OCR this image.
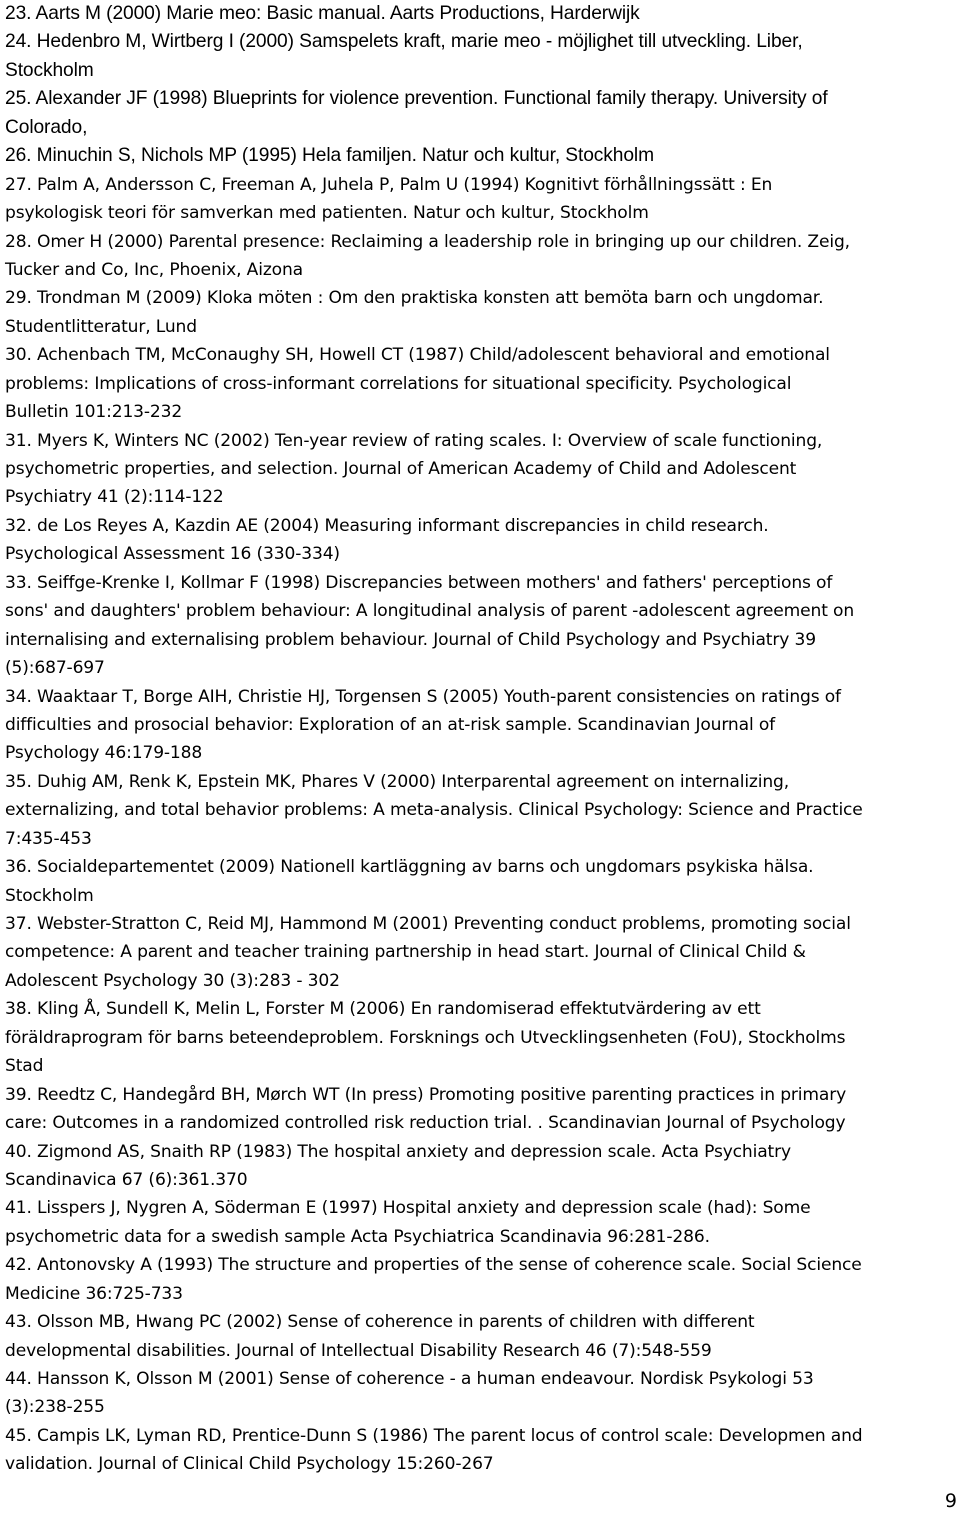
23. Aarts M (2000) Marie meo: Basic manual. Aarts Productions, Harderwijk
24. Hedenbro M, Wirtberg I (2000) Samspelets kraft, marie meo - möjlighet till utveckling. Liber,
Stockholm
25. Alexander JF (1998) Blueprints for violence prevention. Functional family therapy. University of
Colorado,
26. Minuchin S, Nichols MP (1995) Hela familjen. Natur och kultur, Stockholm
27. Palm A, Andersson C, Freeman A, Juhela P, Palm U (1994) Kognitivt förhållningssätt : En
psykologisk teori för samverkan med patienten. Natur och kultur, Stockholm
28. Omer H (2000) Parental presence: Reclaiming a leadership role in bringing up our children. Zeig,
Tucker and Co, Inc, Phoenix, Aizona
29. Trondman M (2009) Kloka möten : Om den praktiska konsten att bemöta barn och ungdomar.
Studentlitteratur, Lund
30. Achenbach TM, McConaughy SH, Howell CT (1987) Child/adolescent behavioral and emotional
problems: Implications of cross-informant correlations for situational specificity. Psychological
Bulletin 101:213-232
31. Myers K, Winters NC (2002) Ten-year review of rating scales. I: Overview of scale functioning,
psychometric properties, and selection. Journal of American Academy of Child and Adolescent
Psychiatry 41 (2):114-122
32. de Los Reyes A, Kazdin AE (2004) Measuring informant discrepancies in child research.
Psychological Assessment 16 (330-334)
33. Seiffge-Krenke I, Kollmar F (1998) Discrepancies between mothers' and fathers' perceptions of
sons' and daughters' problem behaviour: A longitudinal analysis of parent -adolescent agreement on
internalising and externalising problem behaviour. Journal of Child Psychology and Psychiatry 39
(5):687-697
34. Waaktaar T, Borge AIH, Christie HJ, Torgensen S (2005) Youth-parent consistencies on ratings of
difficulties and prosocial behavior: Exploration of an at-risk sample. Scandinavian Journal of
Psychology 46:179-188
35. Duhig AM, Renk K, Epstein MK, Phares V (2000) Interparental agreement on internalizing,
externalizing, and total behavior problems: A meta-analysis. Clinical Psychology: Science and Practice
7:435-453
36. Socialdepartementet (2009) Nationell kartläggning av barns och ungdomars psykiska hälsa.
Stockholm
37. Webster-Stratton C, Reid MJ, Hammond M (2001) Preventing conduct problems, promoting social
competence: A parent and teacher training partnership in head start. Journal of Clinical Child &
Adolescent Psychology 30 (3):283 - 302
38. Kling Å, Sundell K, Melin L, Forster M (2006) En randomiserad effektutvärdering av ett
föräldraprogram för barns beteendeproblem. Forsknings och Utvecklingsenheten (FoU), Stockholms
Stad
39. Reedtz C, Handegård BH, Mørch WT (In press) Promoting positive parenting practices in primary
care: Outcomes in a randomized controlled risk reduction trial. . Scandinavian Journal of Psychology
40. Zigmond AS, Snaith RP (1983) The hospital anxiety and depression scale. Acta Psychiatry
Scandinavica 67 (6):361.370
41. Lisspers J, Nygren A, Söderman E (1997) Hospital anxiety and depression scale (had): Some
psychometric data for a swedish sample Acta Psychiatrica Scandinavia 96:281-286.
42. Antonovsky A (1993) The structure and properties of the sense of coherence scale. Social Science
Medicine 36:725-733
43. Olsson MB, Hwang PC (2002) Sense of coherence in parents of children with different
developmental disabilities. Journal of Intellectual Disability Research 46 (7):548-559
44. Hansson K, Olsson M (2001) Sense of coherence - a human endeavour. Nordisk Psykologi 53
(3):238-255
45. Campis LK, Lyman RD, Prentice-Dunn S (1986) The parent locus of control scale: Developmen and
validation. Journal of Clinical Child Psychology 15:260-267
9
